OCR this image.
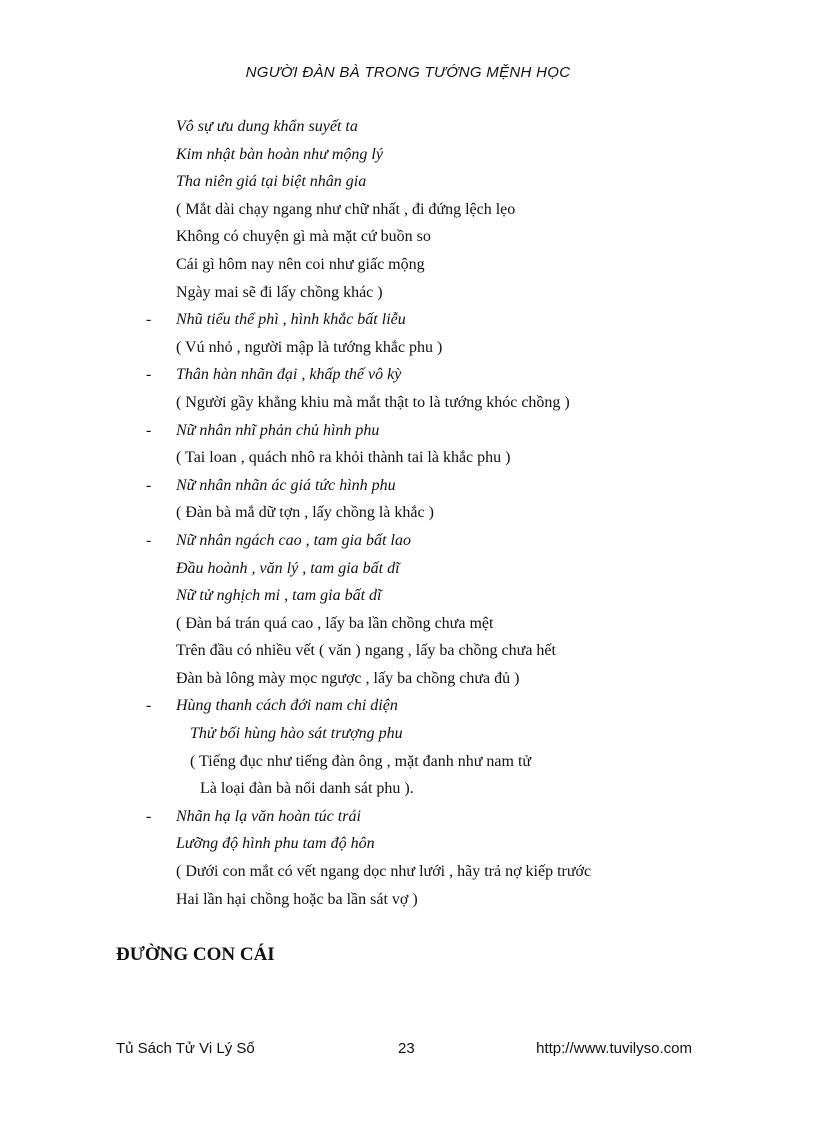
NGƯỜI ĐÀN BÀ TRONG TƯỚNG MỆNH HỌC
Vô sự ưu dung khẩn suyết ta
Kim nhật bàn hoàn như mộng lý
Tha niên giá tại biệt nhân gia
( Mắt dài chạy ngang như chữ nhất , đi đứng lệch lẹo
Không có chuyện gì mà mặt cứ buồn so
Cái gì hôm nay nên coi như giấc mộng
Ngày mai sẽ đi lấy chồng khác )
- Nhũ tiểu thể phì , hình khắc bất liễu
( Vú nhỏ , người mập là tướng khắc phu )
- Thân hàn nhãn đại , khấp thế vô kỳ
( Người gầy khẳng khiu mà mắt thật to là tướng khóc chồng )
- Nữ nhân nhĩ phản chủ hình phu
( Tai loan , quách nhô ra khỏi thành tai là khắc phu )
- Nữ nhân nhãn ác giá tức hình phu
( Đàn bà mắ dữ tợn , lấy chồng là khắc )
- Nữ nhân ngách cao , tam gia bất lao
Đầu hoành , văn lý , tam gia bất dĩ
Nữ tử nghịch mi , tam gia bất dĩ
( Đàn bá trán quá cao , lấy ba lần chồng chưa mệt
Trên đầu có nhiều vết ( văn ) ngang , lấy ba chồng chưa hết
Đàn bà lông mày mọc ngược , lấy ba chồng chưa đủ )
- Hùng thanh cách đới nam chi diện
Thử bối hùng hào sát trượng phu
( Tiếng đục như tiếng đàn ông , mặt đanh như nam tử
Là loại đàn bà nổi danh sát phu ).
- Nhãn hạ lạ văn hoàn túc trái
Lưỡng độ hình phu tam độ hôn
( Dưới con mắt có vết ngang dọc như lưới , hãy trả nợ kiếp trước
Hai lần hại chồng hoặc ba lần sát vợ )
ĐƯỜNG CON CÁI
Tủ Sách Tử Vi Lý Số	23	http://www.tuvilyso.com
